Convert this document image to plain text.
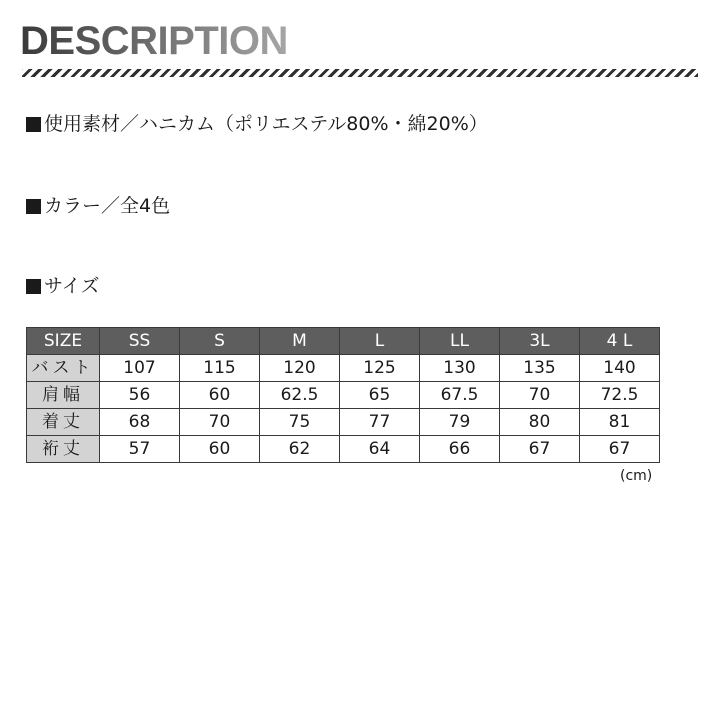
DESCRIPTION
使用素材／ハニカム（ポリエステル80%・綿20%）
カラー／全4色
サイズ
SIZE	SS	S	M	L	LL	3L	4 L
バスト	107	115	120	125	130	135	140
肩幅	56	60	62.5	65	67.5	70	72.5
着丈	68	70	75	77	79	80	81
裄丈	57	60	62	64	66	67	67
(cm)
